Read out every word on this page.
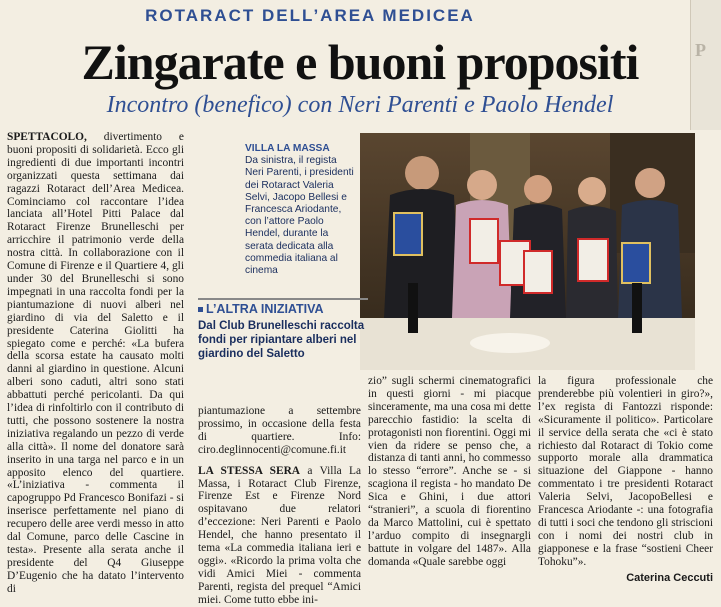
P
ROTARACT DELL’AREA MEDICEA
Zingarate e buoni propositi
Incontro (benefico) con Neri Parenti e Paolo Hendel

SPETTACOLO, divertimento e buoni propositi di solidarietà. Ecco gli ingredienti di due importanti incontri organizzati questa settimana dai ragazzi Rotaract dell’Area Medicea. Cominciamo col raccontare l’idea lanciata all’Hotel Pitti Palace dal Rotaract Firenze Brunelleschi per arricchire il patrimonio verde della nostra città. In collaborazione con il Comune di Firenze e il Quartiere 4, gli under 30 del Brunelleschi si sono impegnati in una raccolta fondi per la piantumazione di nuovi alberi nel giardino di via del Saletto e il presidente Caterina Giolitti ha spiegato come e perché: «La bufera della scorsa estate ha causato molti danni al giardino in questione. Alcuni alberi sono caduti, altri sono stati abbattuti perché pericolanti. Da qui l’idea di rinfoltirlo con il contributo di tutti, che possono sostenere la nostra iniziativa regalando un pezzo di verde alla città». Il nome del donatore sarà inserito in una targa nel parco e in un apposito elenco del quartiere. «L’iniziativa - commenta il capogruppo Pd Francesco Bonifazi - si inserisce perfettamente nel piano di recupero delle aree verdi messo in atto dal Comune, parco delle Cascine in testa». Presente alla serata anche il presidente del Q4 Giuseppe D’Eugenio che ha datato l’intervento di

VILLA LA MASSA
Da sinistra, il regista Neri Parenti, i presidenti dei Rotaract Valeria Selvi, Jacopo Bellesi e Francesca Ariodante, con l’attore Paolo Hendel, durante la serata dedicata alla commedia italiana al cinema
L’ALTRA INIZIATIVA
Dal Club Brunelleschi raccolta fondi per ripiantare alberi nel giardino del Saletto

piantumazione a settembre prossimo, in occasione della festa di quartiere. Info: ciro.deglinnocenti@comune.fi.it

LA STESSA SERA a Villa La Massa, i Rotaract Club Firenze, Firenze Est e Firenze Nord ospitavano due relatori d’eccezione: Neri Parenti e Paolo Hendel, che hanno presentato il tema «La commedia italiana ieri e oggi». «Ricordo la prima volta che vidi Amici Miei - commenta Parenti, regista del prequel “Amici miei. Come tutto ebbe ini-

zio” sugli schermi cinematografici in questi giorni - mi piacque sinceramente, ma una cosa mi dette parecchio fastidio: la scelta di protagonisti non fiorentini. Oggi mi vien da ridere se penso che, a distanza di tanti anni, ho commesso lo stesso “errore”. Anche se - si scagiona il regista - ho mandato De Sica e Ghini, i due attori “stranieri”, a scuola di fiorentino da Marco Mattolini, cui è spettato l’arduo compito di insegnargli battute in volgare del 1487». Alla domanda «Quale sarebbe oggi

la figura professionale che prenderebbe più volentieri in giro?», l’ex regista di Fantozzi risponde: «Sicuramente il politico». Particolare il service della serata che «ci è stato richiesto dal Rotaract di Tokio come supporto morale alla drammatica situazione del Giappone - hanno commentato i tre presidenti Rotaract Valeria Selvi, JacopoBellesi e Francesca Ariodante -: una fotografia di tutti i soci che tendono gli striscioni con i nomi dei nostri club in giapponese e la frase “sostieni Cheer Tohoku”».

Caterina Ceccuti
